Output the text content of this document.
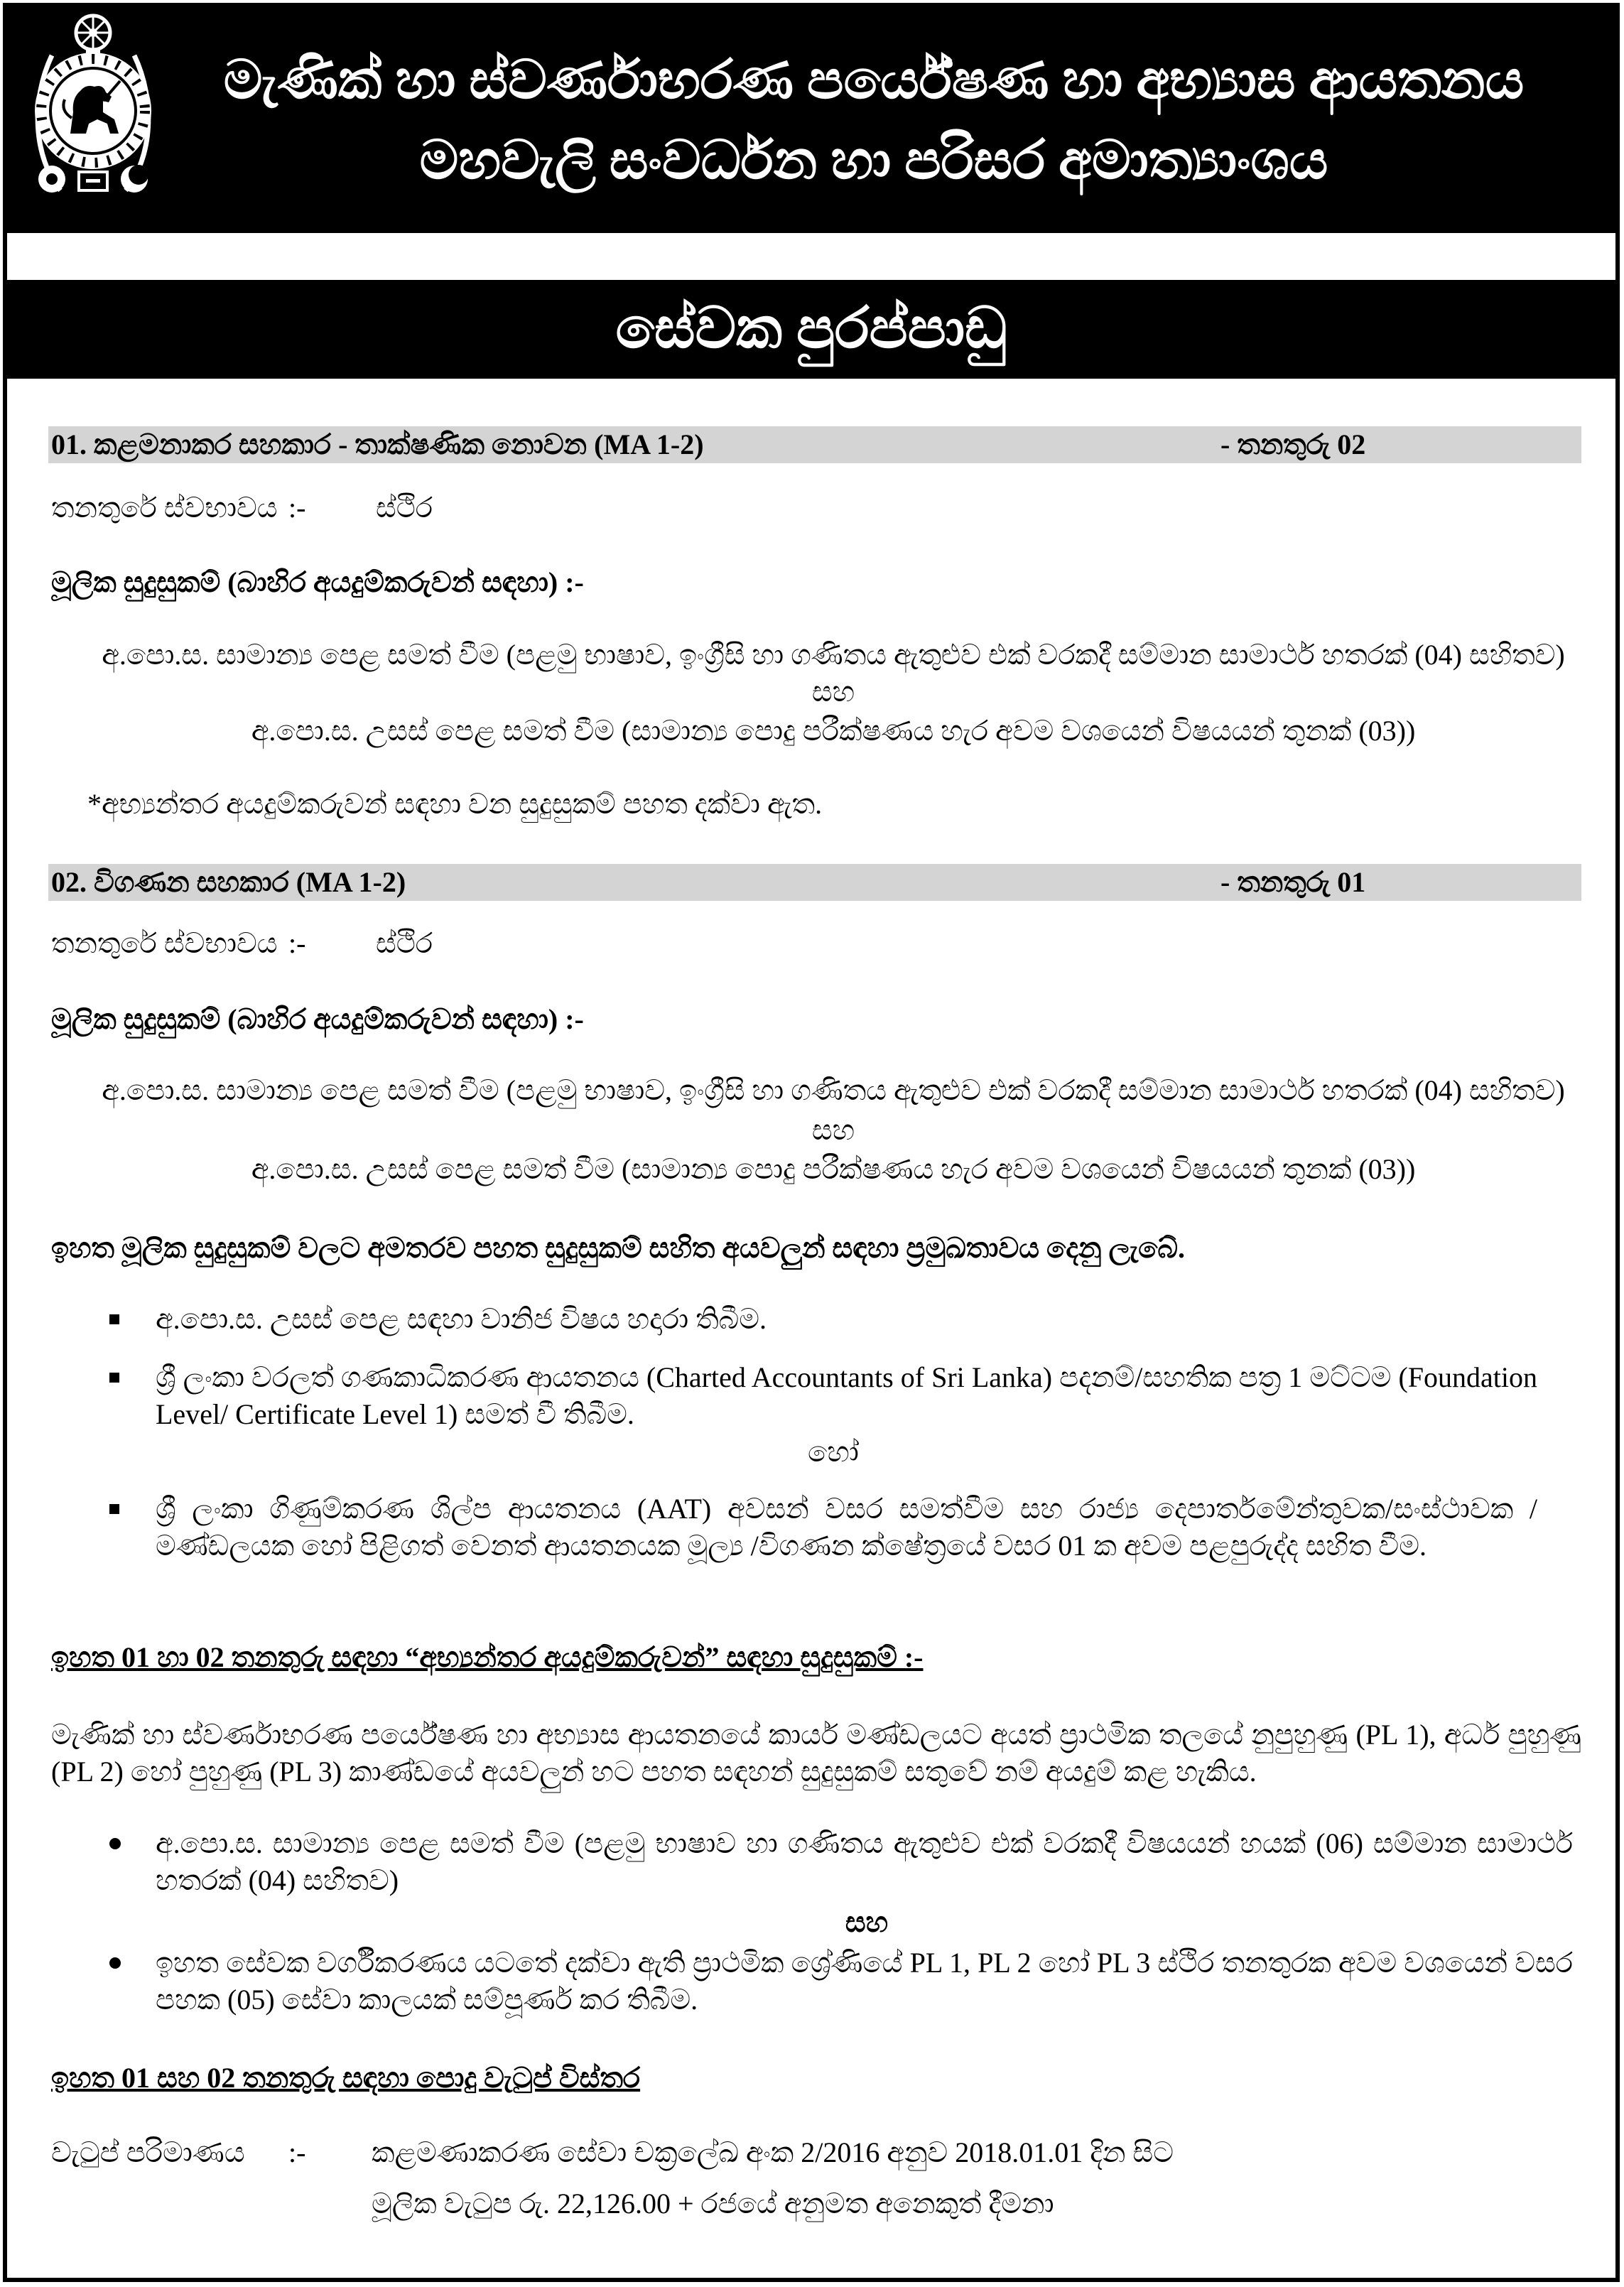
මැණික් හා ස්වර්ණාභරණ පර්යේෂණ හා අභ්‍යාස ආයතනය
මහවැලි සංවර්ධන හා පරිසර අමාත්‍යාංශය
සේවක පුරප්පාඩු
01. කළමනාකර සහකාර - තාක්ෂණික නොවන (MA 1-2)	- තනතුරු 02
තනතුරේ ස්වභාවය :- ස්ථිර
මූලික සුදුසුකම් (බාහිර අයදුම්කරුවන් සඳහා) :-
අ.පො.ස. සාමාන්‍ය පෙළ සමත් වීම (පළමු භාෂාව, ඉංග්‍රීසි හා ගණිතය ඇතුළුව එක් වරකදී සම්මාන සාමාර්ථ හතරක් (04) සහිතව)
සහ
අ.පො.ස. උසස් පෙළ සමත් වීම (සාමාන්‍ය පොදු පරීක්ෂණය හැර අවම වශයෙන් විෂයයන් තුනක් (03))
*අභ්‍යන්තර අයදුම්කරුවන් සඳහා වන සුදුසුකම් පහත දක්වා ඇත.
02. විගණන සහකාර (MA 1-2)	- තනතුරු 01
තනතුරේ ස්වභාවය :- ස්ථිර
මූලික සුදුසුකම් (බාහිර අයදුම්කරුවන් සඳහා) :-
අ.පො.ස. සාමාන්‍ය පෙළ සමත් වීම (පළමු භාෂාව, ඉංග්‍රීසි හා ගණිතය ඇතුළුව එක් වරකදී සම්මාන සාමාර්ථ හතරක් (04) සහිතව)
සහ
අ.පො.ස. උසස් පෙළ සමත් වීම (සාමාන්‍ය පොදු පරීක්ෂණය හැර අවම වශයෙන් විෂයයන් තුනක් (03))
ඉහත මූලික සුදුසුකම් වලට අමතරව පහත සුදුසුකම් සහිත අයවලුන් සඳහා ප්‍රමුඛතාවය දෙනු ලැබේ.
අ.පො.ස. උසස් පෙළ සඳහා වානිජ විෂය හදාරා තිබීම.
ශ්‍රී ලංකා වරලත් ගණකාධිකරණ ආයතනය (Charted Accountants of Sri Lanka) පදනම්/සහතික පත්‍ර 1 මට්ටම (Foundation Level/ Certificate Level 1) සමත් වී තිබීම.
හෝ
ශ්‍රී ලංකා ගිණුම්කරණ ශිල්ප ආයතනය (AAT) අවසන් වසර සමත්වීම සහ රාජ්‍ය දෙපාර්තමේන්තුවක/සංස්ථාවක /මණ්ඩලයක හෝ පිළිගත් වෙනත් ආයතනයක මූල්‍ය /විගණන ක්ෂේත්‍රයේ වසර 01 ක අවම පළපුරුද්ද සහිත වීම.
ඉහත 01 හා 02 තනතුරු සඳහා “අභ්‍යන්තර අයදුම්කරුවන්” සඳහා සුදුසුකම් :-
මැණික් හා ස්වර්ණාභරණ පර්යේෂණ හා අභ්‍යාස ආයතනයේ කාර්ය මණ්ඩලයට අයත් ප්‍රාථමික තලයේ නුපුහුණු (PL 1), අර්ධ පුහුණු (PL 2) හෝ පුහුණු (PL 3) කාණ්ඩයේ අයවලුන් හට පහත සඳහන් සුදුසුකම් සතුවේ නම් අයදුම් කළ හැකිය.
අ.පො.ස. සාමාන්‍ය පෙළ සමත් වීම (පළමු භාෂාව හා ගණිතය ඇතුළුව එක් වරකදී විෂයයන් හයක් (06) සම්මාන සාමාර්ථ හතරක් (04) සහිතව)
සහ
ඉහත සේවක වර්ගීකරණය යටතේ දක්වා ඇති ප්‍රාථමික ශ්‍රේණියේ PL 1, PL 2 හෝ PL 3 ස්ථිර තනතුරක අවම වශයෙන් වසර පහක (05) සේවා කාලයක් සම්පූර්ණ කර තිබීම.
ඉහත 01 සහ 02 තනතුරු සඳහා පොදු වැටුප් විස්තර
වැටුප් පරිමාණය :- කළමණාකරණ සේවා චක්‍රලේඛ අංක 2/2016 අනුව 2018.01.01 දින සිට
මූලික වැටුප රු. 22,126.00 + රජයේ අනුමත අනෙකුත් දීමනා
